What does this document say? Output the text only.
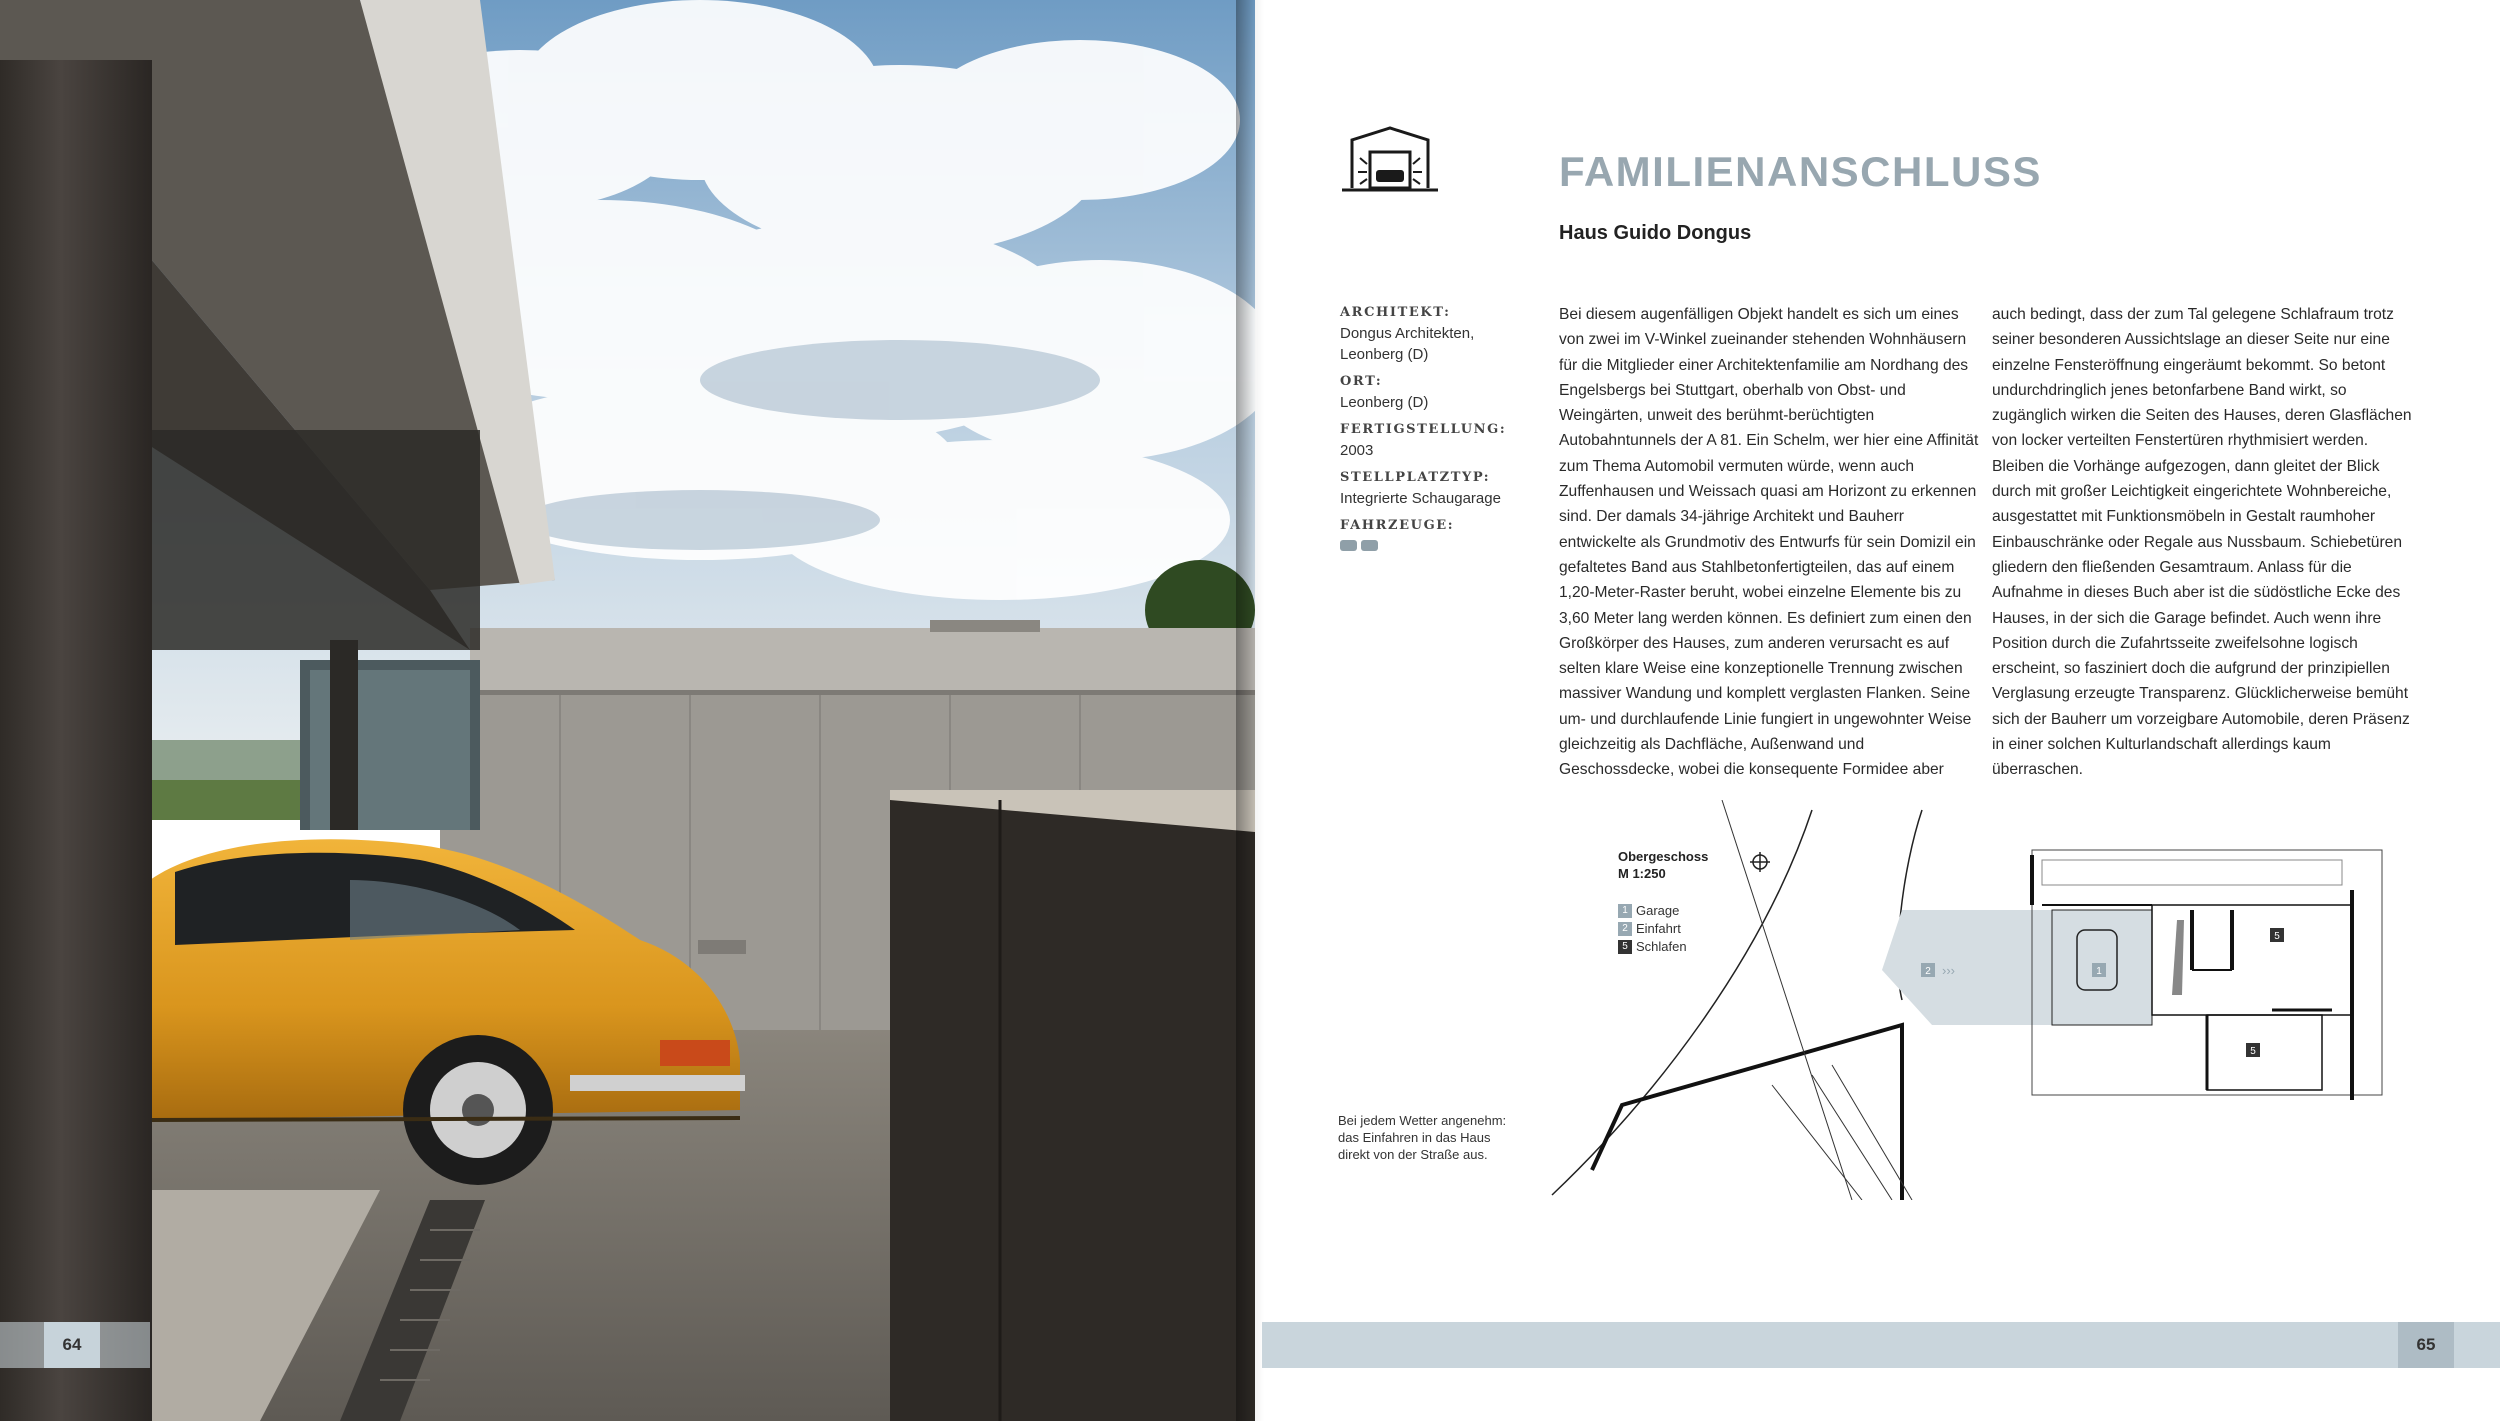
64
FAMILIENANSCHLUSS
Haus Guido Dongus
ARCHITEKT:
Dongus Architekten, Leonberg (D)
ORT:
Leonberg (D)
FERTIGSTELLUNG:
2003
STELLPLATZTYP:
Integrierte Schaugarage
FAHRZEUGE:
Bei diesem augenfälligen Objekt handelt es sich um eines von zwei im V-Winkel zueinander stehenden Wohnhäusern für die Mitglieder einer Architektenfamilie am Nordhang des Engelsbergs bei Stuttgart, oberhalb von Obst- und Weingärten, unweit des berühmt-berüchtigten Autobahntunnels der A 81. Ein Schelm, wer hier eine Affinität zum Thema Automobil vermuten würde, wenn auch Zuffenhausen und Weissach quasi am Horizont zu erkennen sind. Der damals 34-jährige Architekt und Bauherr entwickelte als Grundmotiv des Entwurfs für sein Domizil ein gefaltetes Band aus Stahlbetonfertigteilen, das auf einem 1,20-Meter-Raster beruht, wobei einzelne Elemente bis zu 3,60 Meter lang werden können. Es definiert zum einen den Großkörper des Hauses, zum anderen verursacht es auf selten klare Weise eine konzeptionelle Trennung zwischen massiver Wandung und komplett verglasten Flanken. Seine um- und durchlaufende Linie fungiert in ungewohnter Weise gleichzeitig als Dachfläche, Außenwand und Geschossdecke, wobei die konsequente Formidee aber
auch bedingt, dass der zum Tal gelegene Schlafraum trotz seiner besonderen Aussichtslage an dieser Seite nur eine einzelne Fensteröffnung eingeräumt bekommt. So betont undurchdringlich jenes betonfarbene Band wirkt, so zugänglich wirken die Seiten des Hauses, deren Glasflächen von locker verteilten Fenstertüren rhythmisiert werden. Bleiben die Vorhänge aufgezogen, dann gleitet der Blick durch mit großer Leichtigkeit eingerichtete Wohnbereiche, ausgestattet mit Funktionsmöbeln in Gestalt raumhoher Einbauschränke oder Regale aus Nussbaum. Schiebetüren gliedern den fließenden Gesamtraum. Anlass für die Aufnahme in dieses Buch aber ist die südöstliche Ecke des Hauses, in der sich die Garage befindet. Auch wenn ihre Position durch die Zufahrtsseite zweifelsohne logisch erscheint, so fasziniert doch die aufgrund der prinzipiellen Verglasung erzeugte Transparenz. Glücklicherweise bemüht sich der Bauherr um vorzeigbare Automobile, deren Präsenz in einer solchen Kulturlandschaft allerdings kaum überraschen.
2 ›››	1
5
5
Obergeschoss
M 1:250
1 Garage
2 Einfahrt
5 Schlafen
Bei jedem Wetter angenehm: das Einfahren in das Haus direkt von der Straße aus.
65
